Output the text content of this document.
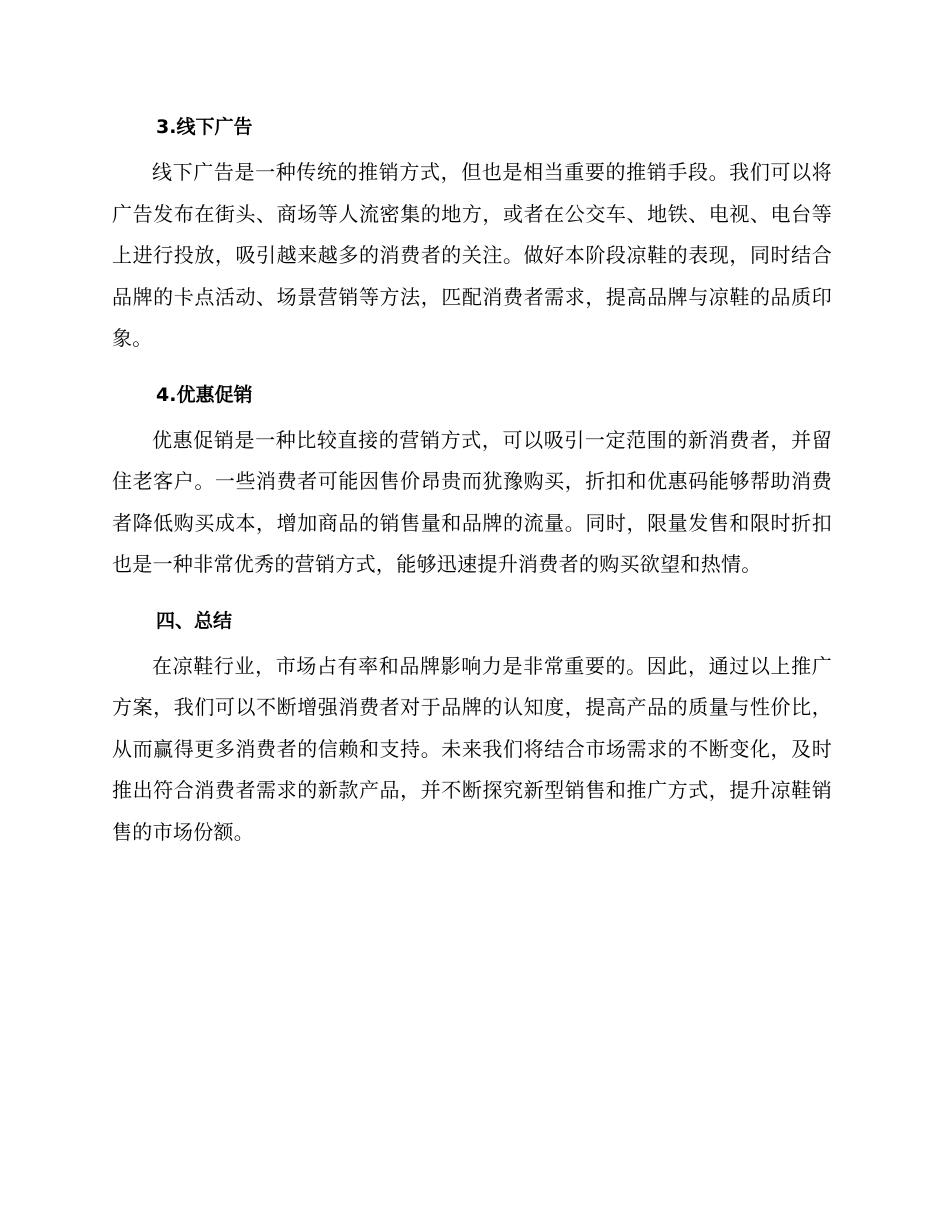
3.线下广告

线下广告是一种传统的推销方式，但也是相当重要的推销手段。我们可以将广告发布在街头、商场等人流密集的地方，或者在公交车、地铁、电视、电台等上进行投放，吸引越来越多的消费者的关注。做好本阶段凉鞋的表现，同时结合品牌的卡点活动、场景营销等方法，匹配消费者需求，提高品牌与凉鞋的品质印象。

4.优惠促销

优惠促销是一种比较直接的营销方式，可以吸引一定范围的新消费者，并留住老客户。一些消费者可能因售价昂贵而犹豫购买，折扣和优惠码能够帮助消费者降低购买成本，增加商品的销售量和品牌的流量。同时，限量发售和限时折扣也是一种非常优秀的营销方式，能够迅速提升消费者的购买欲望和热情。

四、总结

在凉鞋行业，市场占有率和品牌影响力是非常重要的。因此，通过以上推广方案，我们可以不断增强消费者对于品牌的认知度，提高产品的质量与性价比，从而赢得更多消费者的信赖和支持。未来我们将结合市场需求的不断变化，及时推出符合消费者需求的新款产品，并不断探究新型销售和推广方式，提升凉鞋销售的市场份额。
